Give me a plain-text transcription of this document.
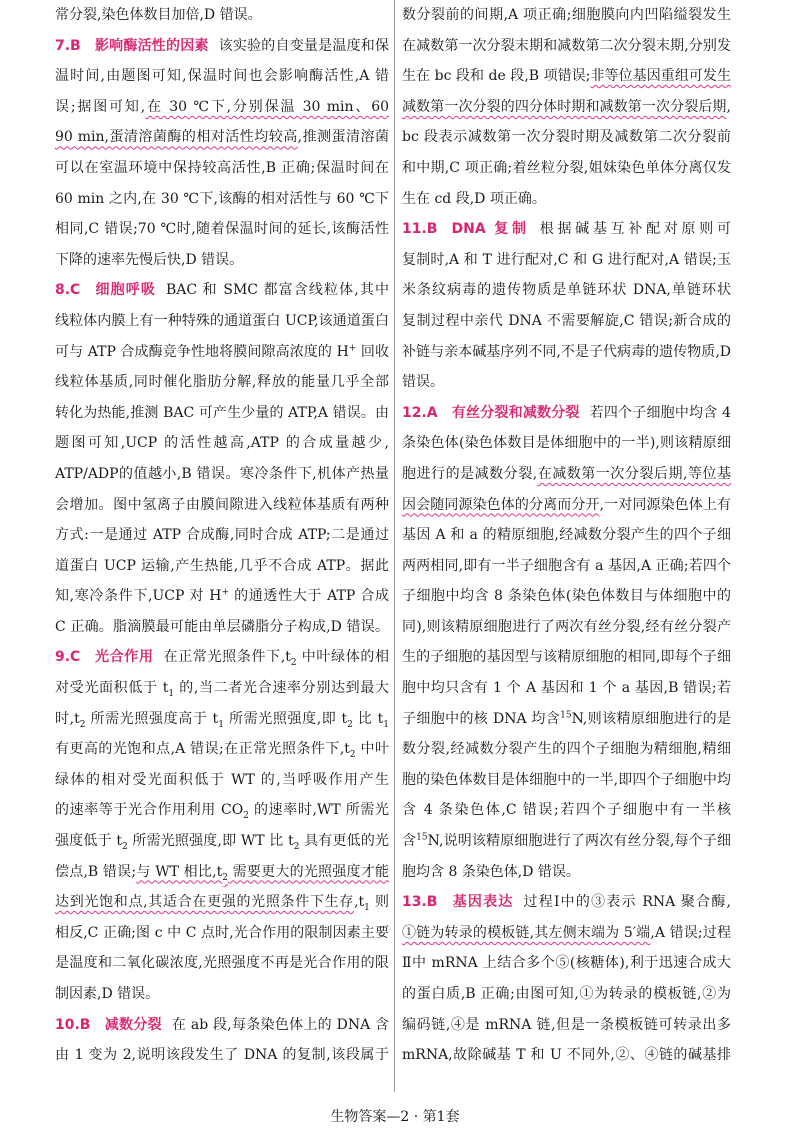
常分裂,染色体数目加倍,D 错误。
7.B 影响酶活性的因素 该实验的自变量是温度和保
温时间,由题图可知,保温时间也会影响酶活性,A 错
误;据图可知,在 30 ℃下,分别保温 30 min、60
90 min,蛋清溶菌酶的相对活性均较高,推测蛋清溶菌
可以在室温环境中保持较高活性,B 正确;保温时间在
60 min 之内,在 30 ℃下,该酶的相对活性与 60 ℃下
相同,C 错误;70 ℃时,随着保温时间的延长,该酶活性
下降的速率先慢后快,D 错误。
8.C 细胞呼吸 BAC 和 SMC 都富含线粒体,其中
线粒体内膜上有一种特殊的通道蛋白 UCP,该通道蛋白
可与 ATP 合成酶竞争性地将膜间隙高浓度的 H+ 回收
线粒体基质,同时催化脂肪分解,释放的能量几乎全部
转化为热能,推测 BAC 可产生少量的 ATP,A 错误。由
题图可知,UCP 的活性越高,ATP 的合成量越少,
ATP/ADP的值越小,B 错误。寒冷条件下,机体产热量
会增加。图中氢离子由膜间隙进入线粒体基质有两种
方式:一是通过 ATP 合成酶,同时合成 ATP;二是通过
道蛋白 UCP 运输,产生热能,几乎不合成 ATP。据此
知,寒冷条件下,UCP 对 H+ 的通透性大于 ATP 合成
C 正确。脂滴膜最可能由单层磷脂分子构成,D 错误。
9.C 光合作用 在正常光照条件下$,t_2$ 中叶绿体的相
对受光面积低于 $t_1$ 的,当二者光合速率分别达到最大
时$,t_2$ 所需光照强度高于 $t_1$ 所需光照强度,即 $t_2$ 比 $t_1$
有更高的光饱和点,A 错误;在正常光照条件下$,t_2$ 中叶
绿体的相对受光面积低于 WT 的,当呼吸作用产生
的速率等于光合作用利用 $CO_2$ 的速率时,WT 所需光
强度低于 $t_2$ 所需光照强度,即 WT 比 $t_2$ 具有更低的光
偿点,B 错误;与 WT 相比$,t_2$ 需要更大的光照强度才能
达到光饱和点,其适合在更强的光照条件下生存$,t_1$ 则
相反,C 正确;图 c 中 C 点时,光合作用的限制因素主要
是温度和二氧化碳浓度,光照强度不再是光合作用的限
制因素,D 错误。
10.B 减数分裂 在 ab 段,每条染色体上的 DNA 含
由 1 变为 2,说明该段发生了 DNA 的复制,该段属于
数分裂前的间期,A 项正确;细胞膜向内凹陷缢裂发生
在减数第一次分裂末期和减数第二次分裂末期,分别发
生在 bc 段和 de 段,B 项错误;非等位基因重组可发生
减数第一次分裂的四分体时期和减数第一次分裂后期,
bc 段表示减数第一次分裂时期及减数第二次分裂前
和中期,C 项正确;着丝粒分裂,姐妹染色单体分离仅发
生在 cd 段,D 项正确。
11.B DNA 复制 根据碱基互补配对原则可
复制时,A 和 T 进行配对,C 和 G 进行配对,A 错误;玉
米条纹病毒的遗传物质是单链环状 DNA,单链环状
复制过程中亲代 DNA 不需要解旋,C 错误;新合成的
补链与亲本碱基序列不同,不是子代病毒的遗传物质,D
错误。
12.A 有丝分裂和减数分裂 若四个子细胞中均含 4
条染色体(染色体数目是体细胞中的一半),则该精原细
胞进行的是减数分裂,在减数第一次分裂后期,等位基
因会随同源染色体的分离而分开,一对同源染色体上有
基因 A 和 a 的精原细胞,经减数分裂产生的四个子细
两两相同,即有一半子细胞含有 a 基因,A 正确;若四个
子细胞中均含 8 条染色体(染色体数目与体细胞中的
同),则该精原细胞进行了两次有丝分裂,经有丝分裂产
生的子细胞的基因型与该精原细胞的相同,即每个子细
胞中均只含有 1 个 A 基因和 1 个 a 基因,B 错误;若
子细胞中的核 DNA 均含$^{15}$N,则该精原细胞进行的是
数分裂,经减数分裂产生的四个子细胞为精细胞,精细
胞的染色体数目是体细胞中的一半,即四个子细胞中均
含 4 条染色体,C 错误;若四个子细胞中有一半核
含$^{15}$N,说明该精原细胞进行了两次有丝分裂,每个子细
胞均含 8 条染色体,D 错误。
13.B 基因表达 过程Ⅰ中的③表示 RNA 聚合酶,
①链为转录的模板链,其左侧末端为 5′端,A 错误;过程
Ⅱ中 mRNA 上结合多个⑤(核糖体),利于迅速合成大
的蛋白质,B 正确;由图可知,①为转录的模板链,②为
编码链,④是 mRNA 链,但是一条模板链可转录出多
mRNA,故除碱基 T 和 U 不同外,②、④链的碱基排
生物答案—2 · 第1套
